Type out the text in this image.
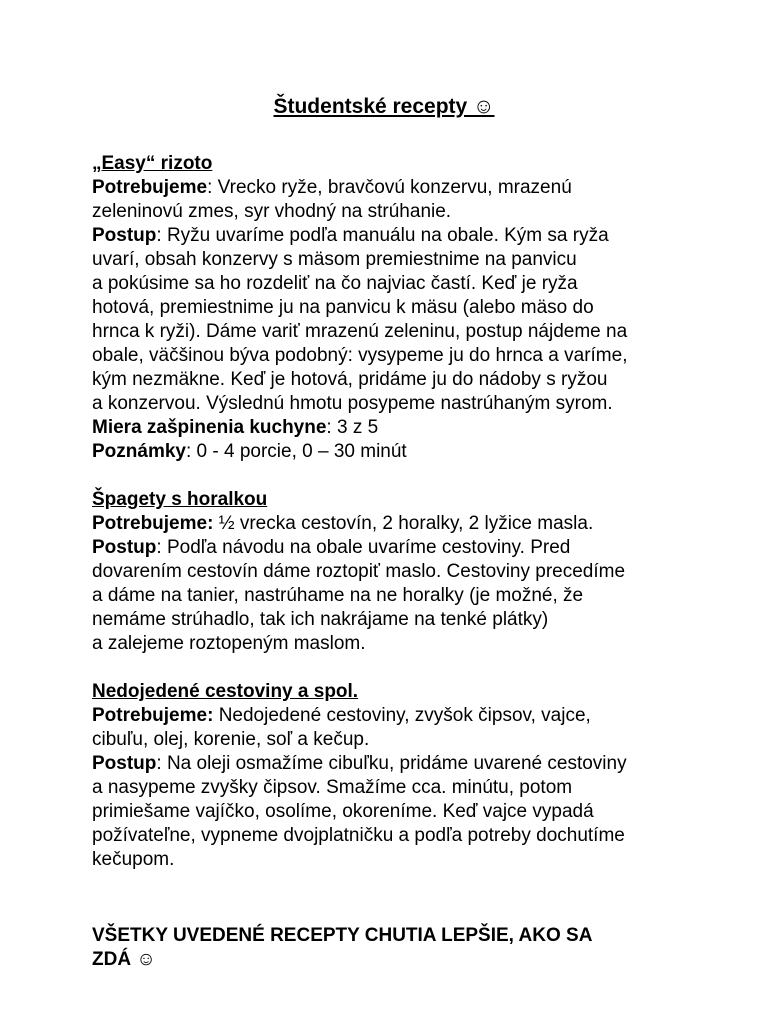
Študentské recepty ☺
„Easy“ rizoto
Potrebujeme: Vrecko ryže, bravčovú konzervu, mrazenú
zeleninovú zmes, syr vhodný na strúhanie.
Postup: Ryžu uvaríme podľa manuálu na obale. Kým sa ryža
uvarí, obsah konzervy s mäsom premiestnime na panvicu
a pokúsime sa ho rozdeliť na čo najviac častí. Keď je ryža
hotová, premiestnime ju na panvicu k mäsu (alebo mäso do
hrnca k ryži). Dáme variť mrazenú zeleninu, postup nájdeme na
obale, väčšinou býva podobný: vysypeme ju do hrnca a varíme,
kým nezmäkne. Keď je hotová, pridáme ju do nádoby s ryžou
a konzervou. Výslednú hmotu posypeme nastrúhaným syrom.
Miera zašpinenia kuchyne: 3 z 5
Poznámky: 0 - 4 porcie, 0 – 30 minút
Špagety s horalkou
Potrebujeme: ½ vrecka cestovín, 2 horalky, 2 lyžice masla.
Postup: Podľa návodu na obale uvaríme cestoviny. Pred
dovarením cestovín dáme roztopiť maslo. Cestoviny precedíme
a dáme na tanier, nastrúhame na ne horalky (je možné, že
nemáme strúhadlo, tak ich nakrájame na tenké plátky)
a zalejeme roztopeným maslom.
Nedojedené cestoviny a spol.
Potrebujeme: Nedojedené cestoviny, zvyšok čipsov, vajce,
cibuľu, olej, korenie, soľ a kečup.
Postup: Na oleji osmažíme cibuľku, pridáme uvarené cestoviny
a nasypeme zvyšky čipsov. Smažíme cca. minútu, potom
primiešame vajíčko, osolíme, okoreníme. Keď vajce vypadá
požívateľne, vypneme dvojplatničku a podľa potreby dochutíme
kečupom.
VŠETKY UVEDENÉ RECEPTY CHUTIA LEPŠIE, AKO SA
ZDÁ ☺
